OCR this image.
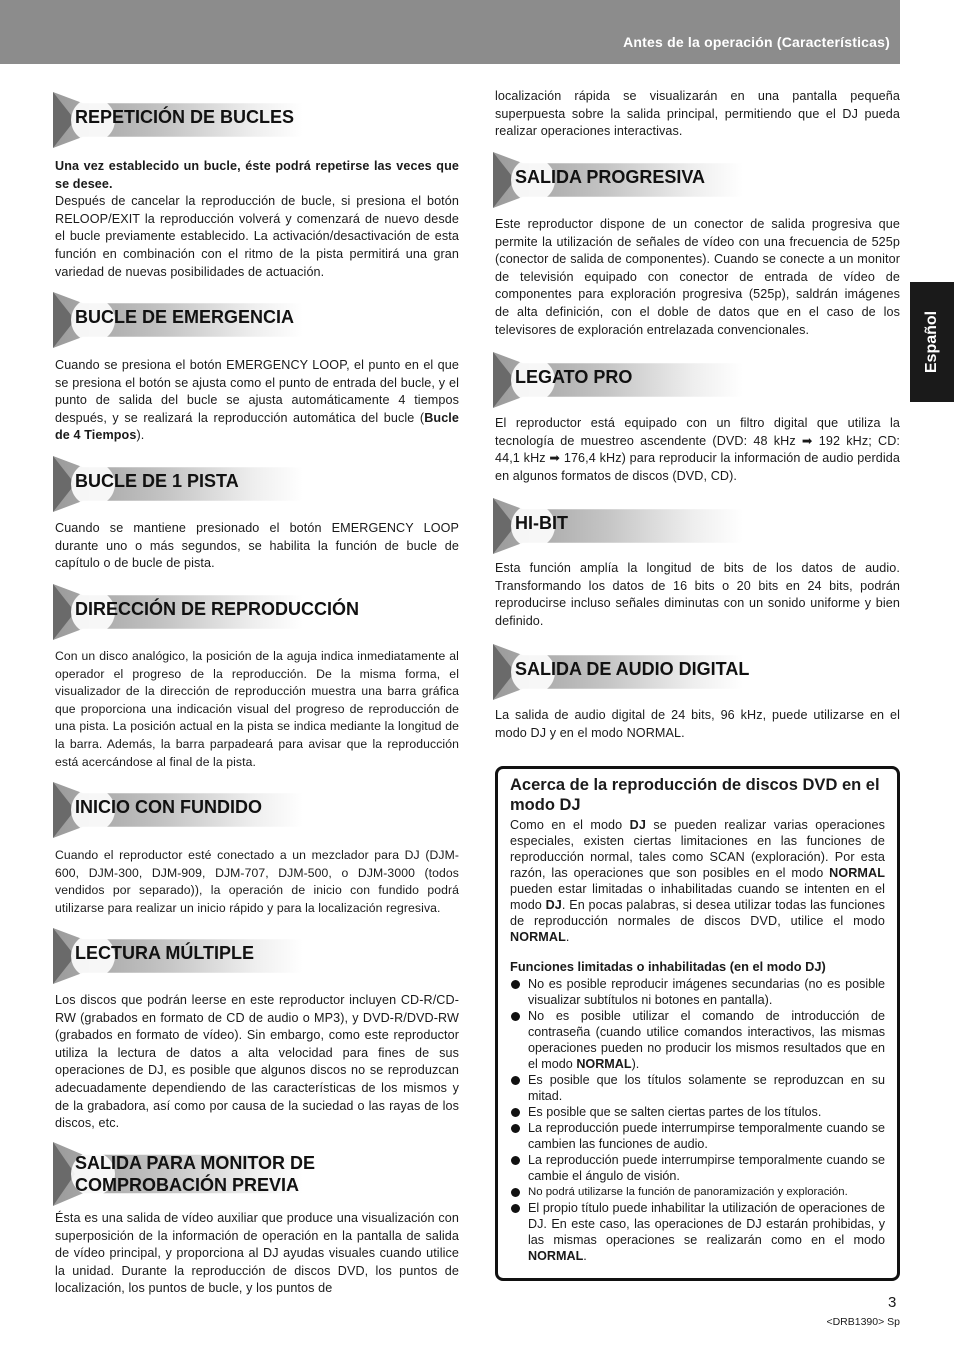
Antes de la operación (Características)
Español
REPETICIÓN DE BUCLES

Una vez establecido un bucle, éste podrá repetirse las veces que se desee.

Después de cancelar la reproducción de bucle, si presiona el botón RELOOP/EXIT la reproducción volverá y comenzará de nuevo desde el bucle previamente establecido. La activación/desactivación de esta función en combinación con el ritmo de la pista permitirá una gran variedad de nuevas posibilidades de actuación.

BUCLE DE EMERGENCIA

Cuando se presiona el botón EMERGENCY LOOP, el punto en el que se presiona el botón se ajusta como el punto de entrada del bucle, y el punto de salida del bucle se ajusta automáticamente 4 tiempos después, y se realizará la reproducción automática del bucle (Bucle de 4 Tiempos).

BUCLE DE 1 PISTA

Cuando se mantiene presionado el botón EMERGENCY LOOP durante uno o más segundos, se habilita la función de bucle de capítulo o de bucle de pista.

DIRECCIÓN DE REPRODUCCIÓN

Con un disco analógico, la posición de la aguja indica inmediatamente al operador el progreso de la reproducción. De la misma forma, el visualizador de la dirección de reproducción muestra una barra gráfica que proporciona una indicación visual del progreso de reproducción de una pista. La posición actual en la pista se indica mediante la longitud de la barra. Además, la barra parpadeará para avisar que la reproducción está acercándose al final de la pista.

INICIO CON FUNDIDO

Cuando el reproductor esté conectado a un mezclador para DJ (DJM-600, DJM-300, DJM-909, DJM-707, DJM-500, o DJM-3000 (todos vendidos por separado)), la operación de inicio con fundido podrá utilizarse para realizar un inicio rápido y para la localización regresiva.

LECTURA MÚLTIPLE

Los discos que podrán leerse en este reproductor incluyen CD-R/CD-RW (grabados en formato de CD de audio o MP3), y DVD-R/DVD-RW (grabados en formato de vídeo). Sin embargo, como este reproductor utiliza la lectura de datos a alta velocidad para fines de sus operaciones de DJ, es posible que algunos discos no se reproduzcan adecuadamente dependiendo de las características de los mismos y de la grabadora, así como por causa de la suciedad o las rayas de los discos, etc.

SALIDA PARA MONITOR DE COMPROBACIÓN PREVIA

Ésta es una salida de vídeo auxiliar que produce una visualización con superposición de la información de operación en la pantalla de salida de vídeo principal, y proporciona al DJ ayudas visuales cuando utilice la unidad. Durante la reproducción de discos DVD, los puntos de localización, los puntos de bucle, y los puntos de

localización rápida se visualizarán en una pantalla pequeña superpuesta sobre la salida principal, permitiendo que el DJ pueda realizar operaciones interactivas.

SALIDA PROGRESIVA

Este reproductor dispone de un conector de salida progresiva que permite la utilización de señales de vídeo con una frecuencia de 525p (conector de salida de componentes). Cuando se conecte a un monitor de televisión equipado con conector de entrada de vídeo de componentes para exploración progresiva (525p), saldrán imágenes de alta definición, con el doble de datos que en el caso de los televisores de exploración entrelazada convencionales.

LEGATO PRO

El reproductor está equipado con un filtro digital que utiliza la tecnología de muestreo ascendente (DVD: 48 kHz ➡ 192 kHz; CD: 44,1 kHz ➡ 176,4 kHz) para reproducir la información de audio perdida en algunos formatos de discos (DVD, CD).

HI-BIT

Esta función amplía la longitud de bits de los datos de audio. Transformando los datos de 16 bits o 20 bits en 24 bits, podrán reproducirse incluso señales diminutas con un sonido uniforme y bien definido.

SALIDA DE AUDIO DIGITAL

La salida de audio digital de 24 bits, 96 kHz, puede utilizarse en el modo DJ y en el modo NORMAL.

Acerca de la reproducción de discos DVD en el modo DJ

Como en el modo DJ se pueden realizar varias operaciones especiales, existen ciertas limitaciones en las funciones de reproducción normal, tales como SCAN (exploración). Por esta razón, las operaciones que son posibles en el modo NORMAL pueden estar limitadas o inhabilitadas cuando se intenten en el modo DJ. En pocas palabras, si desea utilizar todas las funciones de reproducción normales de discos DVD, utilice el modo NORMAL.

Funciones limitadas o inhabilitadas (en el modo DJ)
No es posible reproducir imágenes secundarias (no es posible visualizar subtítulos ni botones en pantalla).
No es posible utilizar el comando de introducción de contraseña (cuando utilice comandos interactivos, las mismas operaciones pueden no producir los mismos resultados que en el modo NORMAL).
Es posible que los títulos solamente se reproduzcan en su mitad.
Es posible que se salten ciertas partes de los títulos.
La reproducción puede interrumpirse temporalmente cuando se cambien las funciones de audio.
La reproducción puede interrumpirse temporalmente cuando se cambie el ángulo de visión.
No podrá utilizarse la función de panoramización y exploración.
El propio título puede inhabilitar la utilización de operaciones de DJ. En este caso, las operaciones de DJ estarán prohibidas, y las mismas operaciones se realizarán como en el modo NORMAL.
3
<DRB1390> Sp
